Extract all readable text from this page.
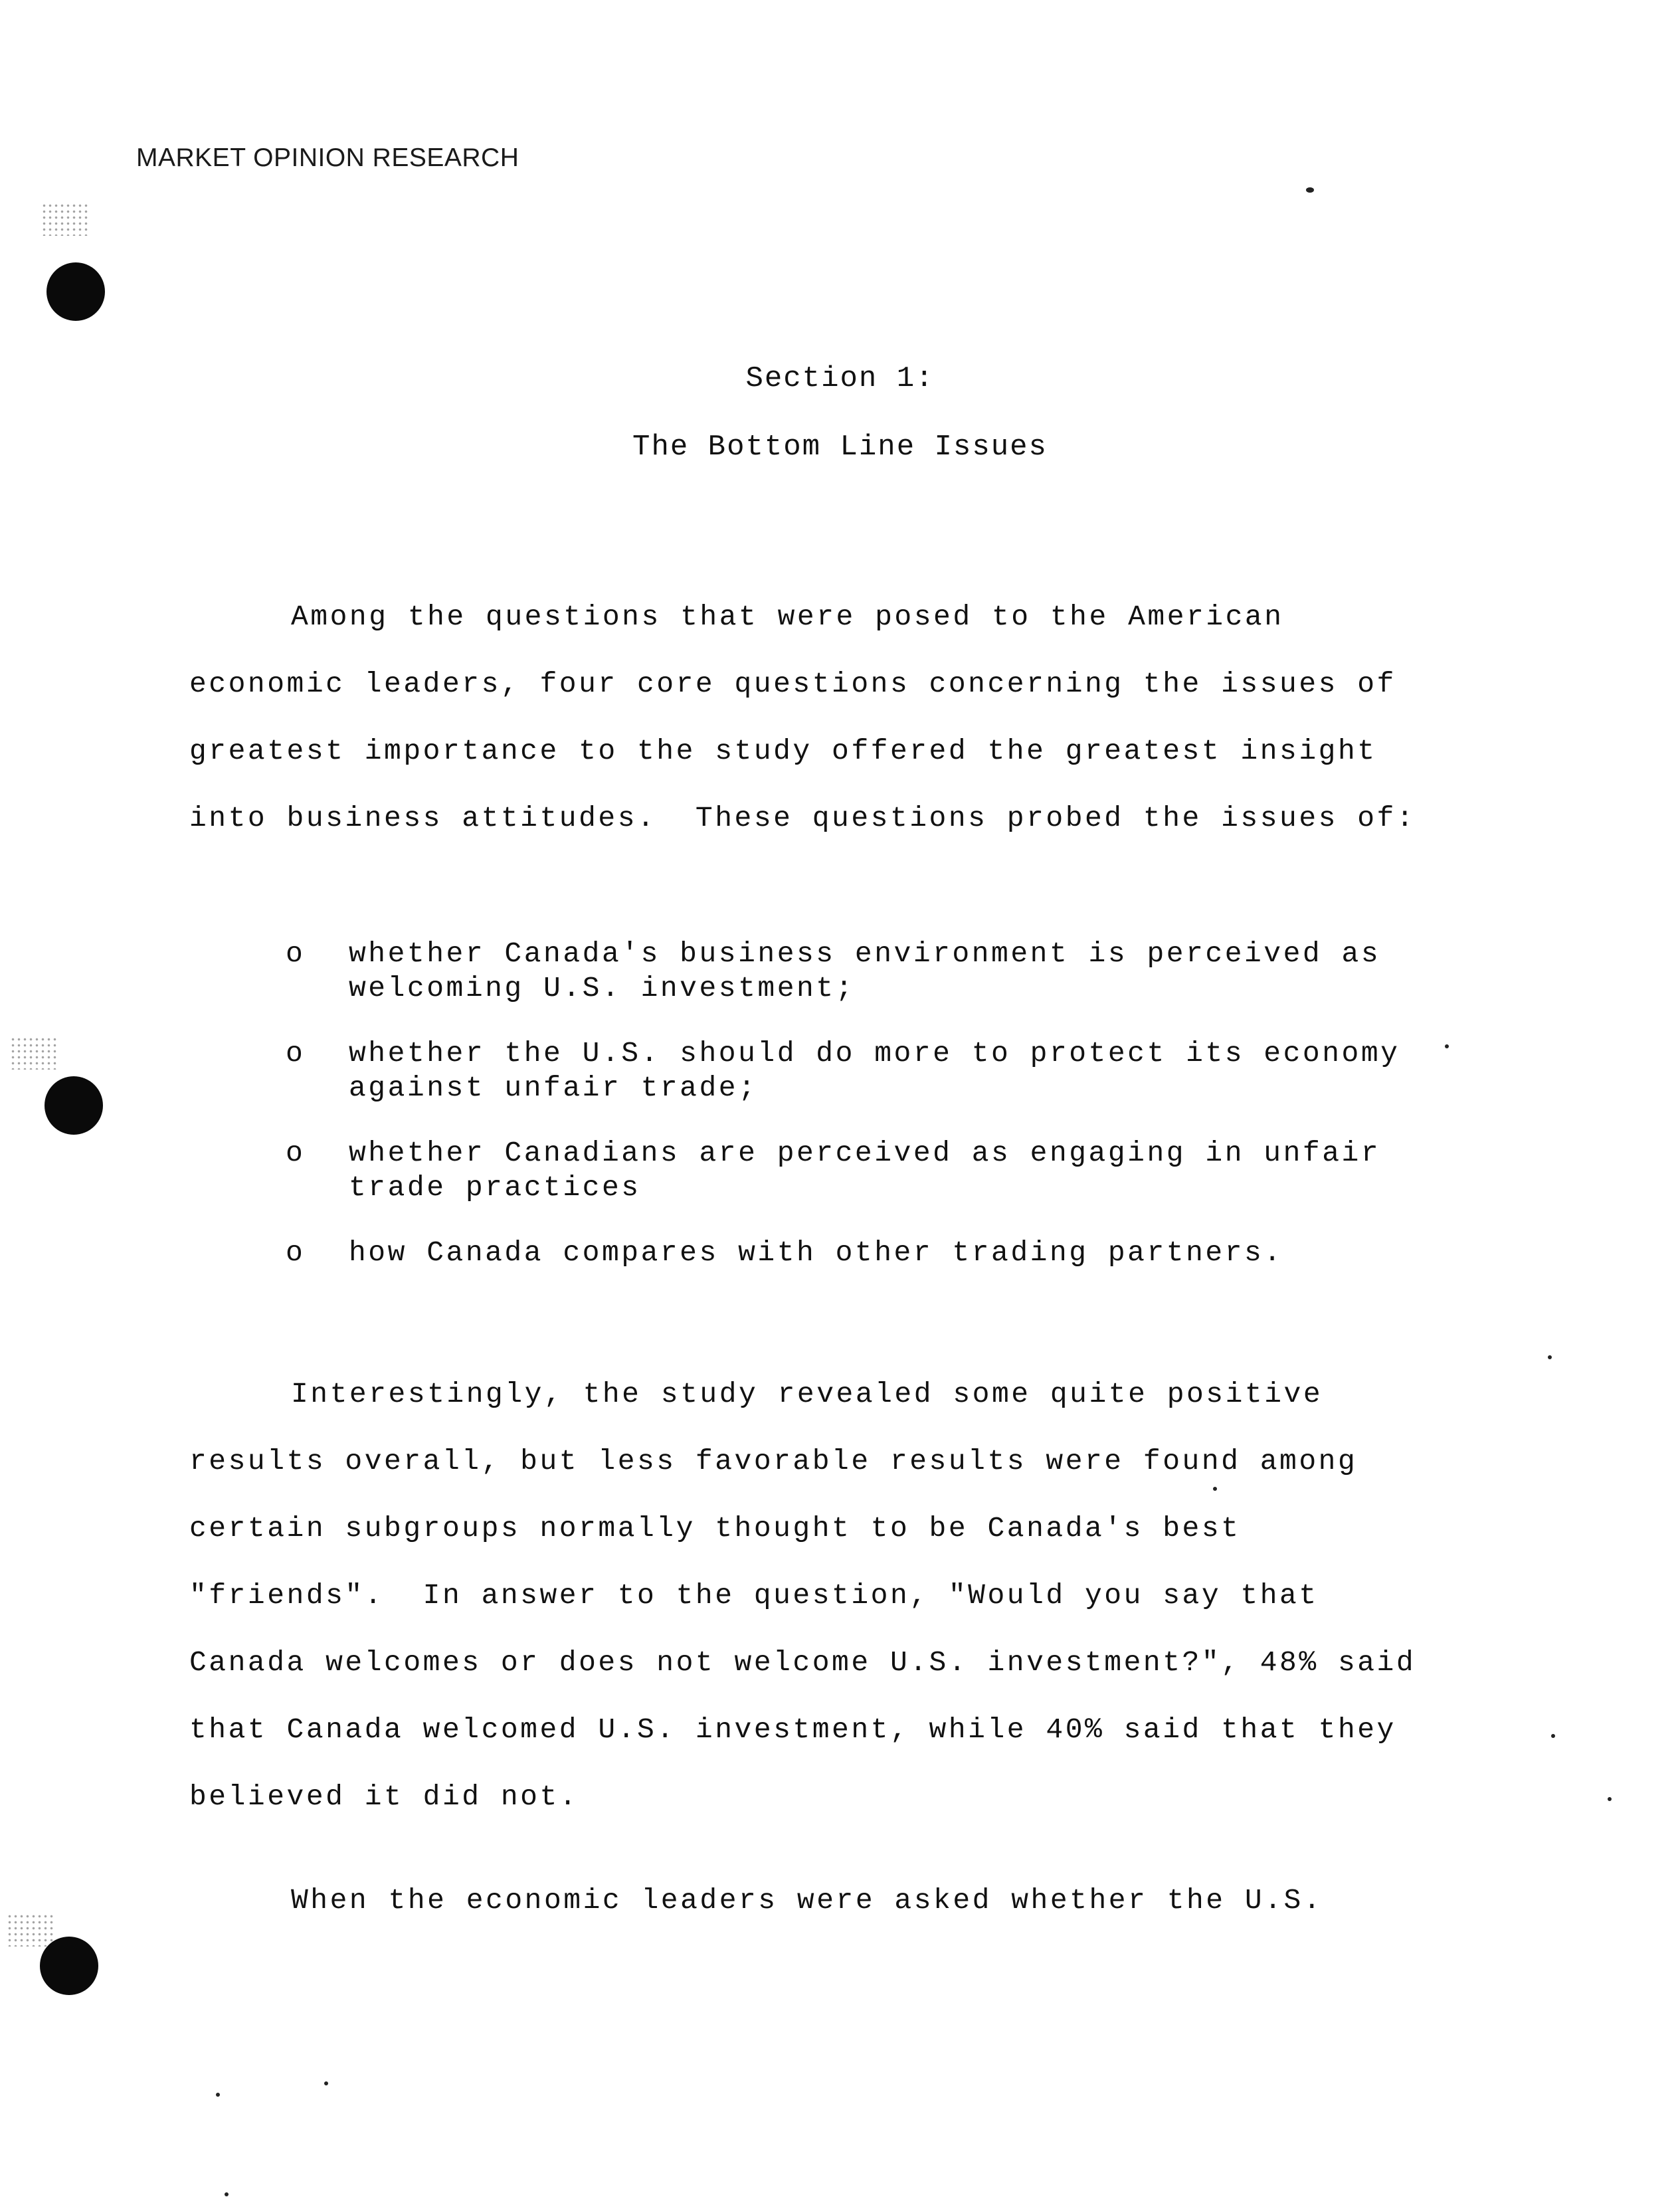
MARKET OPINION RESEARCH
Section 1:
The Bottom Line Issues

Among the questions that were posed to the American economic leaders, four core questions concerning the issues of greatest importance to the study offered the greatest insight into business attitudes.  These questions probed the issues of:

o whether Canada's business environment is perceived as welcoming U.S. investment;
o whether the U.S. should do more to protect its economy against unfair trade;
o whether Canadians are perceived as engaging in unfair trade practices
o how Canada compares with other trading partners.

Interestingly, the study revealed some quite positive results overall, but less favorable results were found among certain subgroups normally thought to be Canada's best "friends".  In answer to the question, "Would you say that Canada welcomes or does not welcome U.S. investment?", 48% said that Canada welcomed U.S. investment, while 40% said that they believed it did not.

When the economic leaders were asked whether the U.S.
